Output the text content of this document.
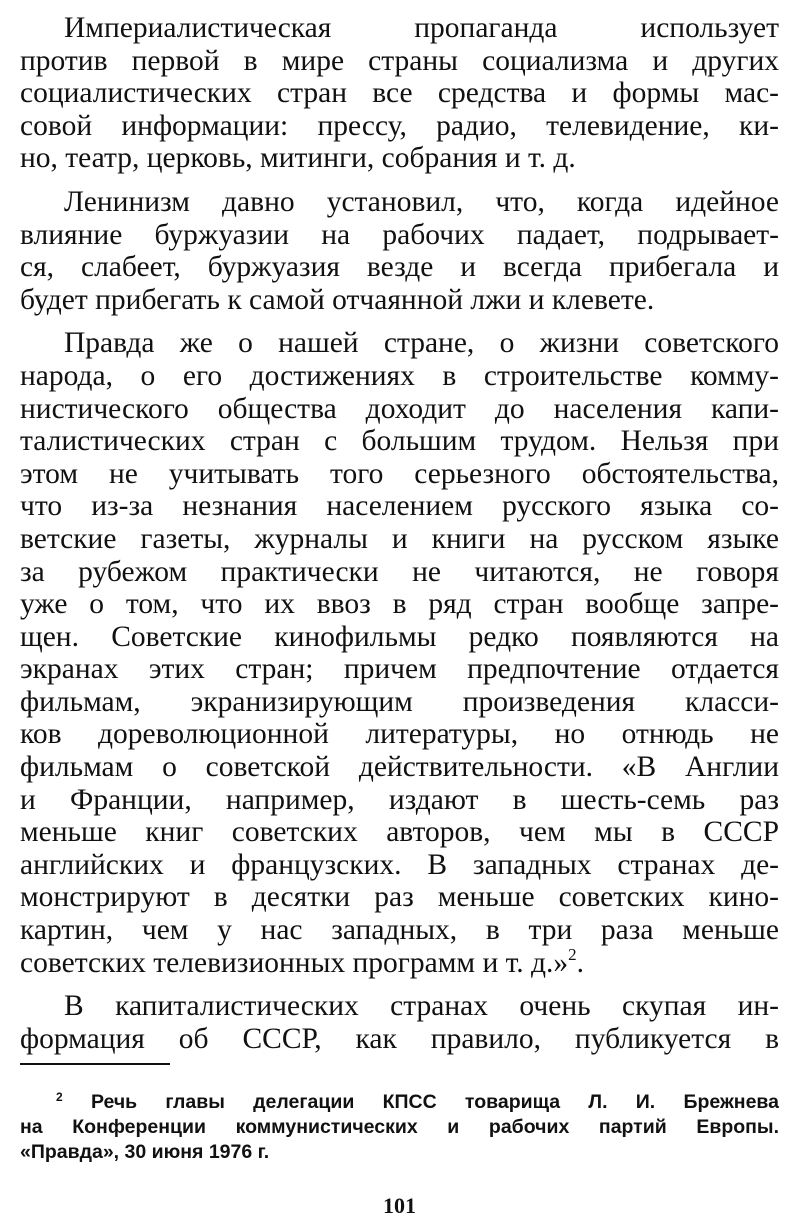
Империалистическая пропаганда использует
против первой в мире страны социализма и других
социалистических стран все средства и формы мас-
совой информации: прессу, радио, телевидение, ки-
но, театр, церковь, митинги, собрания и т. д.

Ленинизм давно установил, что, когда идейное
влияние буржуазии на рабочих падает, подрывает-
ся, слабеет, буржуазия везде и всегда прибегала и
будет прибегать к самой отчаянной лжи и клевете.

Правда же о нашей стране, о жизни советского
народа, о его достижениях в строительстве комму-
нистического общества доходит до населения капи-
талистических стран с большим трудом. Нельзя при
этом не учитывать того серьезного обстоятельства,
что из-за незнания населением русского языка со-
ветские газеты, журналы и книги на русском языке
за рубежом практически не читаются, не говоря
уже о том, что их ввоз в ряд стран вообще запре-
щен. Советские кинофильмы редко появляются на
экранах этих стран; причем предпочтение отдается
фильмам, экранизирующим произведения класси-
ков дореволюционной литературы, но отнюдь не
фильмам о советской действительности. «В Англии
и Франции, например, издают в шесть-семь раз
меньше книг советских авторов, чем мы в СССР
английских и французских. В западных странах де-
монстрируют в десятки раз меньше советских кино-
картин, чем у нас западных, в три раза меньше
советских телевизионных программ и т. д.»$^2$.

В капиталистических странах очень скупая ин-
формация об СССР, как правило, публикуется в

$^2$ Речь главы делегации КПСС товарища Л. И. Брежнева
на Конференции коммунистических и рабочих партий Европы.
«Правда», 30 июня 1976 г.
101
